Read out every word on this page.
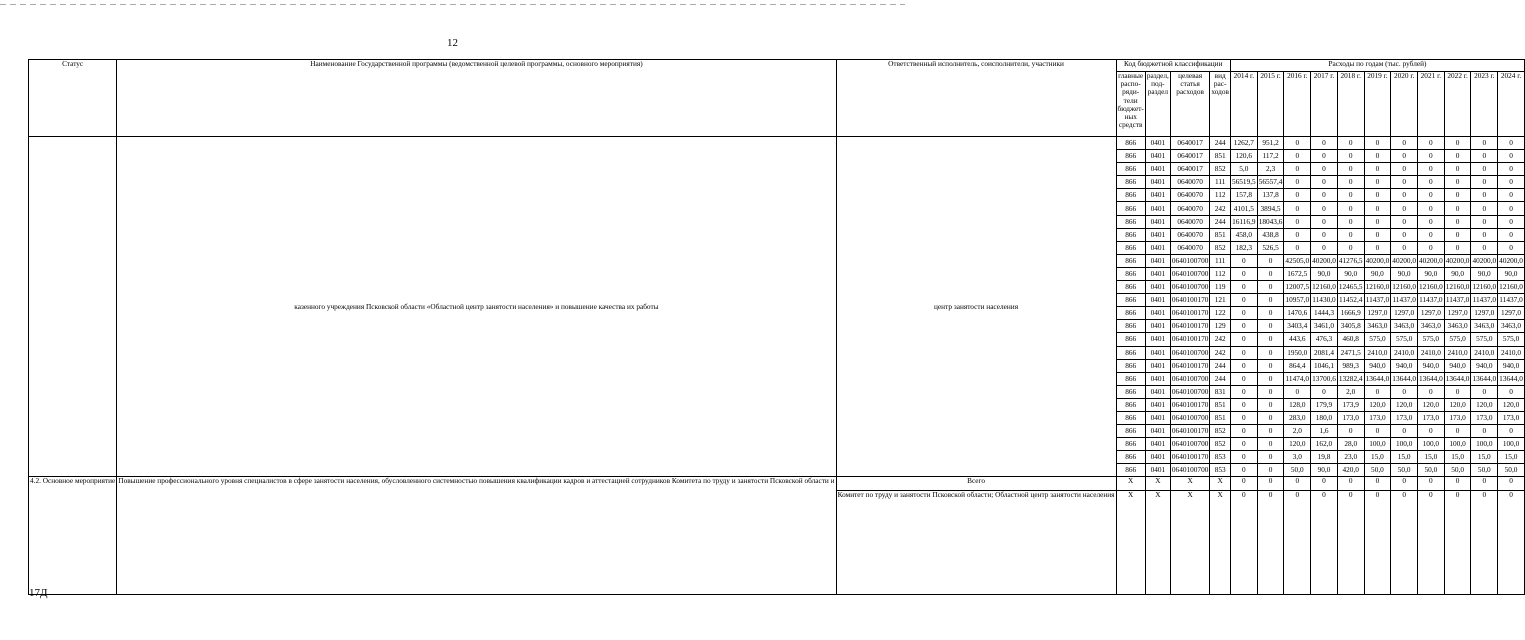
12
Статус	Наименование Государственной программы (ведомственной целевой программы, основного мероприятия)	Ответственный исполнитель, соисполнители, участники	Код бюджетной классификации				Расходы по годам (тыс. рублей)										
			главные распо-ряди-тели бюджет-ных средств	раздел, под-раздел	целевая статья расходов	вид рас-ходов	2014 г.	2015 г.	2016 г.	2017 г.	2018 г.	2019 г.	2020 г.	2021 г.	2022 г.	2023 г.	2024 г.
	казенного учреждения Псковской области «Областной центр занятости населения» и повышение качества их работы	центр занятости населения	866	0401	0640017	244	1262,7	951,2	0	0	0	0	0	0	0	0	0
			866	0401	0640017	851	120,6	117,2	0	0	0	0	0	0	0	0	0
			866	0401	0640017	852	5,0	2,3	0	0	0	0	0	0	0	0	0
			866	0401	0640070	111	56519,5	56557,4	0	0	0	0	0	0	0	0	0
			866	0401	0640070	112	157,8	137,8	0	0	0	0	0	0	0	0	0
			866	0401	0640070	242	4101,5	3894,5	0	0	0	0	0	0	0	0	0
			866	0401	0640070	244	16116,9	18043,6	0	0	0	0	0	0	0	0	0
			866	0401	0640070	851	458,0	438,8	0	0	0	0	0	0	0	0	0
			866	0401	0640070	852	182,3	526,5	0	0	0	0	0	0	0	0	0
			866	0401	0640100700	111	0	0	42505,0	40200,0	41276,5	40200,0	40200,0	40200,0	40200,0	40200,0	40200,0
			866	0401	0640100700	112	0	0	1672,5	90,0	90,0	90,0	90,0	90,0	90,0	90,0	90,0
			866	0401	0640100700	119	0	0	12007,5	12160,0	12465,5	12160,0	12160,0	12160,0	12160,0	12160,0	12160,0
			866	0401	0640100170	121	0	0	10957,0	11430,0	11452,4	11437,0	11437,0	11437,0	11437,0	11437,0	11437,0
			866	0401	0640100170	122	0	0	1470,6	1444,3	1666,9	1297,0	1297,0	1297,0	1297,0	1297,0	1297,0
			866	0401	0640100170	129	0	0	3403,4	3461,0	3405,8	3463,0	3463,0	3463,0	3463,0	3463,0	3463,0
			866	0401	0640100170	242	0	0	443,6	476,3	460,8	575,0	575,0	575,0	575,0	575,0	575,0
			866	0401	0640100700	242	0	0	1950,0	2081,4	2471,5	2410,0	2410,0	2410,0	2410,0	2410,0	2410,0
			866	0401	0640100170	244	0	0	864,4	1046,1	989,3	940,0	940,0	940,0	940,0	940,0	940,0
			866	0401	0640100700	244	0	0	11474,0	13700,6	13282,4	13644,0	13644,0	13644,0	13644,0	13644,0	13644,0
			866	0401	0640100700	831	0	0	0	0	2,0	0	0	0	0	0	0
			866	0401	0640100170	851	0	0	128,0	179,9	173,9	120,0	120,0	120,0	120,0	120,0	120,0
			866	0401	0640100700	851	0	0	283,0	180,0	173,0	173,0	173,0	173,0	173,0	173,0	173,0
			866	0401	0640100170	852	0	0	2,0	1,6	0	0	0	0	0	0	0
			866	0401	0640100700	852	0	0	120,0	162,0	28,0	100,0	100,0	100,0	100,0	100,0	100,0
			866	0401	0640100170	853	0	0	3,0	19,8	23,0	15,0	15,0	15,0	15,0	15,0	15,0
			866	0401	0640100700	853	0	0	50,0	90,0	420,0	50,0	50,0	50,0	50,0	50,0	50,0
4.2. Основное мероприятие	Повышение профессионального уровня специалистов в сфере занятости населения, обусловленного системностью повышения квалификации кадров и аттестацией сотрудников Комитета по труду и занятости Псковской области и	Всего	X	X	X	X	0	0	0	0	0	0	0	0	0	0	0
		Комитет по труду и занятости Псковской области; Областной центр занятости населения	X	X	X	X	0	0	0	0	0	0	0	0	0	0	0
17Д
